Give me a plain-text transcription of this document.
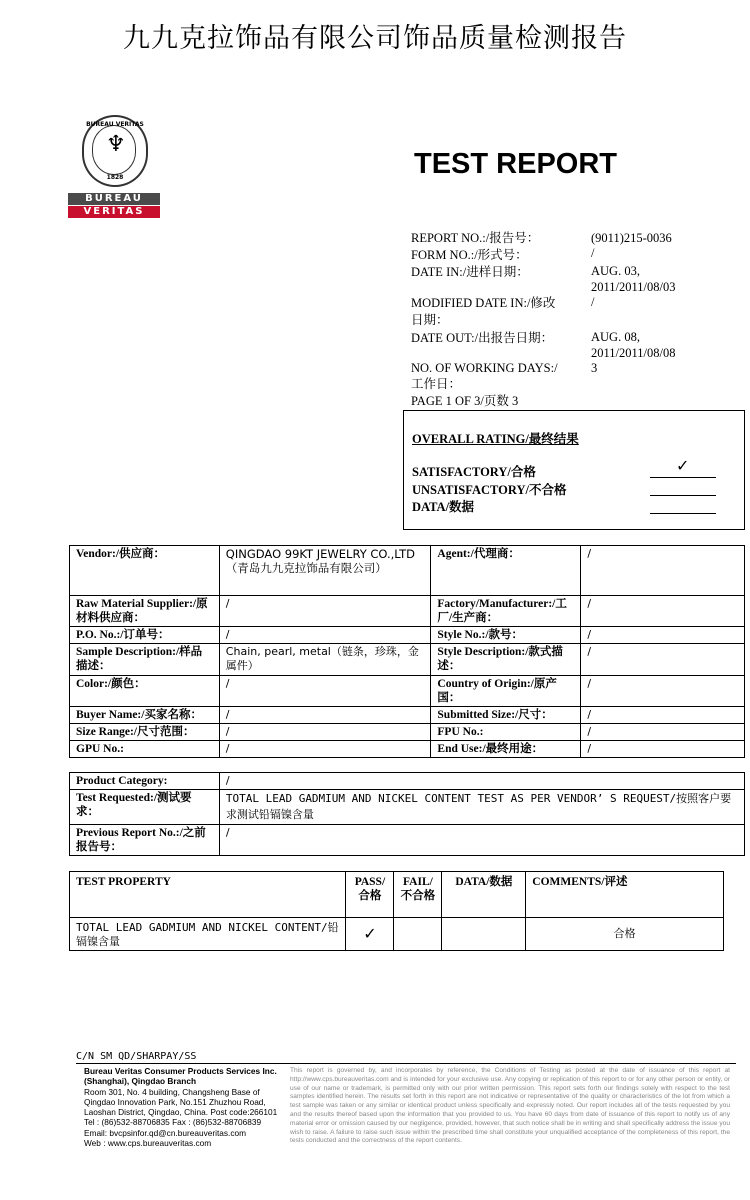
九九克拉饰品有限公司饰品质量检测报告
BUREAU VERITAS
♆
1828
BUREAU
VERITAS
TEST REPORT
REPORT NO.:/报告号：	(9011)215-0036
FORM NO.:/形式号：	/
DATE IN:/进样日期：	AUG. 03,
2011/2011/08/03
MODIFIED DATE IN:/修改	/
日期：
DATE OUT:/出报告日期：	AUG. 08,
2011/2011/08/08
NO. OF WORKING DAYS:/	3
工作日：
PAGE 1 OF 3/页数 3
OVERALL RATING/最终结果
SATISFACTORY/合格	✓
UNSATISFACTORY/不合格
DATA/数据
Vendor:/供应商：	QINGDAO 99KT JEWELRY CO.,LTD （青岛九九克拉饰品有限公司）	Agent:/代理商：	/
Raw Material Supplier:/原材料供应商：	/	Factory/Manufacturer:/工厂/生产商：	/
P.O. No.:/订单号：	/	Style No.:/款号：	/
Sample Description:/样品描述：	Chain, pearl, metal（链条，珍珠，金属件）	Style Description:/款式描述：	/
Color:/颜色：	/	Country of Origin:/原产国：	/
Buyer Name:/买家名称：	/	Submitted Size:/尺寸：	/
Size Range:/尺寸范围：	/	FPU No.:	/
GPU No.:	/	End Use:/最终用途：	/
Product Category:	/
Test Requested:/测试要求：	TOTAL LEAD GADMIUM AND NICKEL CONTENT TEST AS PER VENDOR’ S REQUEST/按照客户要求测试铅镉镍含量
Previous Report No.:/之前报告号：	/
TEST PROPERTY	PASS/合格	FAIL/不合格	DATA/数据	COMMENTS/评述
TOTAL LEAD GADMIUM AND NICKEL CONTENT/铅镉镍含量	✓			合格
C/N SM QD/SHARPAY/SS
Bureau Veritas Consumer Products Services Inc. (Shanghai), Qingdao Branch
Room 301, No. 4 building, Changsheng Base of Qingdao Innovation Park, No.151 Zhuzhou Road, Laoshan District, Qingdao, China. Post code:266101
Tel : (86)532-88706835 Fax : (86)532-88706839
Email: bvcpsinfor.qd@cn.bureauveritas.com
Web : www.cps.bureauveritas.com
This report is governed by, and incorporates by reference, the Conditions of Testing as posted at the date of issuance of this report at http://www.cps.bureauveritas.com and is intended for your exclusive use. Any copying or replication of this report to or for any other person or entity, or use of our name or trademark, is permitted only with our prior written permission. This report sets forth our findings solely with respect to the test samples identified herein. The results set forth in this report are not indicative or representative of the quality or characteristics of the lot from which a test sample was taken or any similar or identical product unless specifically and expressly noted. Our report includes all of the tests requested by you and the results thereof based upon the information that you provided to us. You have 60 days from date of issuance of this report to notify us of any material error or omission caused by our negligence, provided, however, that such notice shall be in writing and shall specifically address the issue you wish to raise. A failure to raise such issue within the prescribed time shall constitute your unqualified acceptance of the completeness of this report, the tests conducted and the correctness of the report contents.
